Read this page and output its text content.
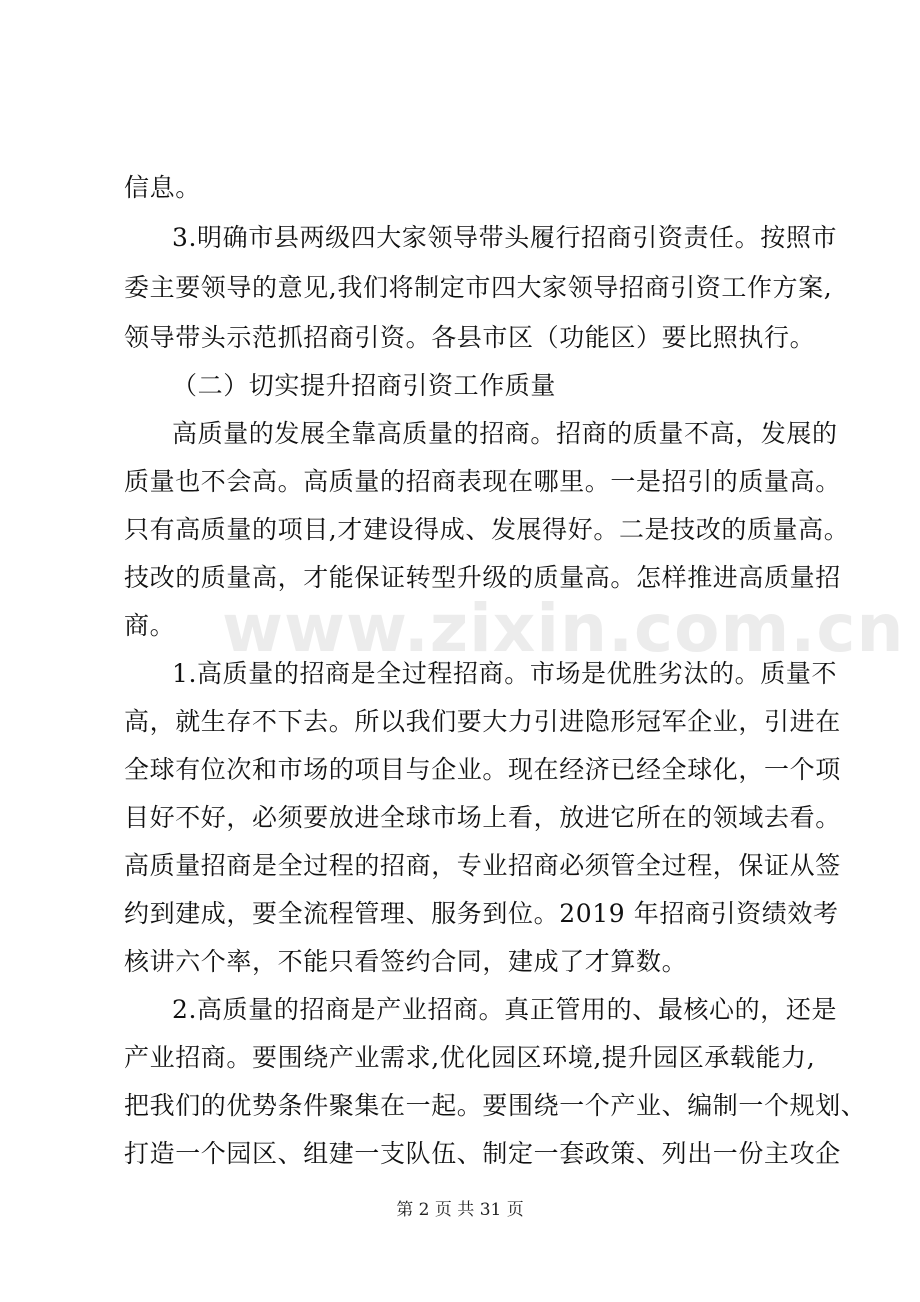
www.zixin.com.cn
信息。
3.明确市县两级四大家领导带头履行招商引资责任。按照市
委主要领导的意见,我们将制定市四大家领导招商引资工作方案,
领导带头示范抓招商引资。各县市区（功能区）要比照执行。
（二）切实提升招商引资工作质量
高质量的发展全靠高质量的招商。招商的质量不高，发展的
质量也不会高。高质量的招商表现在哪里。一是招引的质量高。
只有高质量的项目,才建设得成、发展得好。二是技改的质量高。
技改的质量高，才能保证转型升级的质量高。怎样推进高质量招
商。
1.高质量的招商是全过程招商。市场是优胜劣汰的。质量不
高，就生存不下去。所以我们要大力引进隐形冠军企业，引进在
全球有位次和市场的项目与企业。现在经济已经全球化，一个项
目好不好，必须要放进全球市场上看，放进它所在的领域去看。
高质量招商是全过程的招商，专业招商必须管全过程，保证从签
约到建成，要全流程管理、服务到位。2019 年招商引资绩效考
核讲六个率，不能只看签约合同，建成了才算数。
2.高质量的招商是产业招商。真正管用的、最核心的，还是
产业招商。要围绕产业需求,优化园区环境,提升园区承载能力,
把我们的优势条件聚集在一起。要围绕一个产业、编制一个规划、
打造一个园区、组建一支队伍、制定一套政策、列出一份主攻企
第 2 页 共 31 页
